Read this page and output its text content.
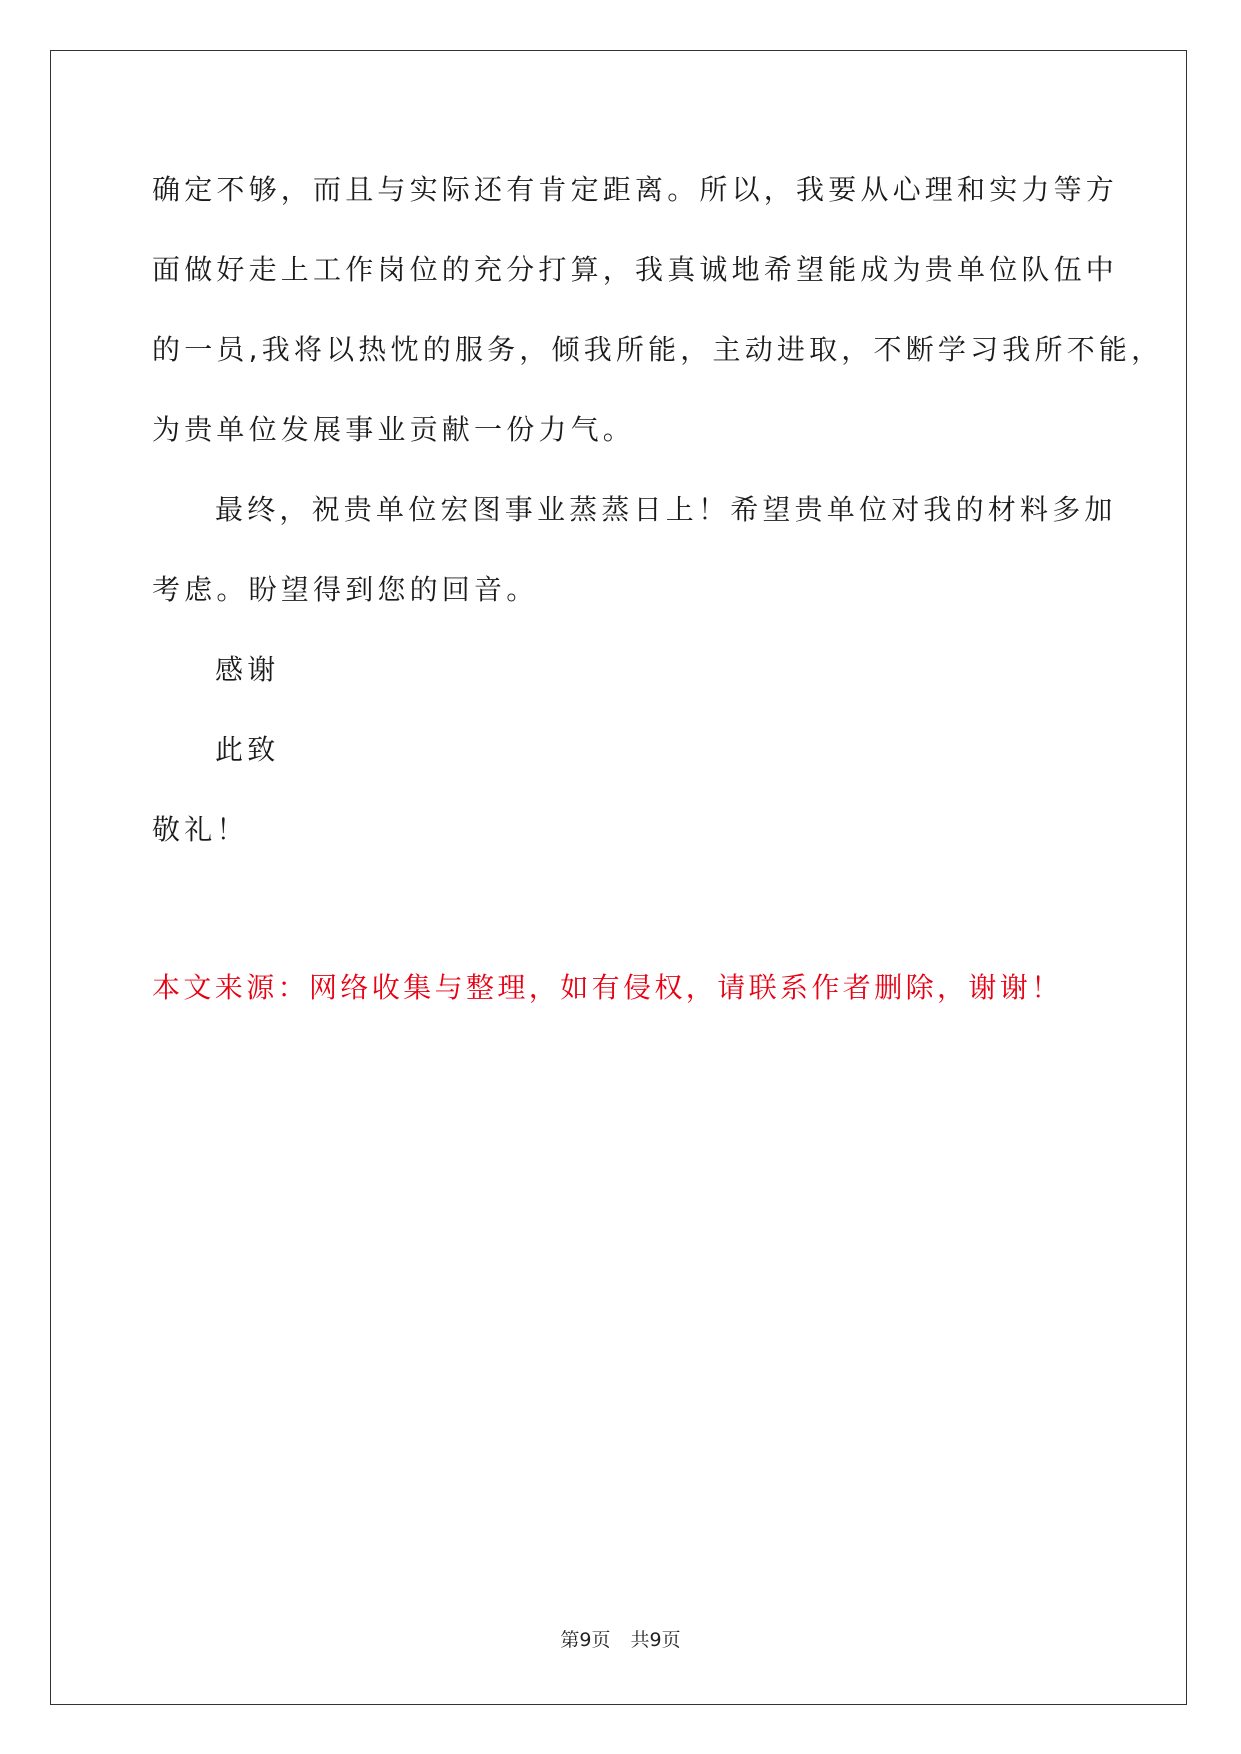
确定不够，而且与实际还有肯定距离。所以，我要从心理和实力等方
面做好走上工作岗位的充分打算，我真诚地希望能成为贵单位队伍中
的一员,我将以热忱的服务，倾我所能，主动进取，不断学习我所不能，
为贵单位发展事业贡献一份力气。
最终，祝贵单位宏图事业蒸蒸日上！希望贵单位对我的材料多加
考虑。盼望得到您的回音。
感谢
此致
敬礼！
本文来源：网络收集与整理，如有侵权，请联系作者删除，谢谢！
第9页 共9页
